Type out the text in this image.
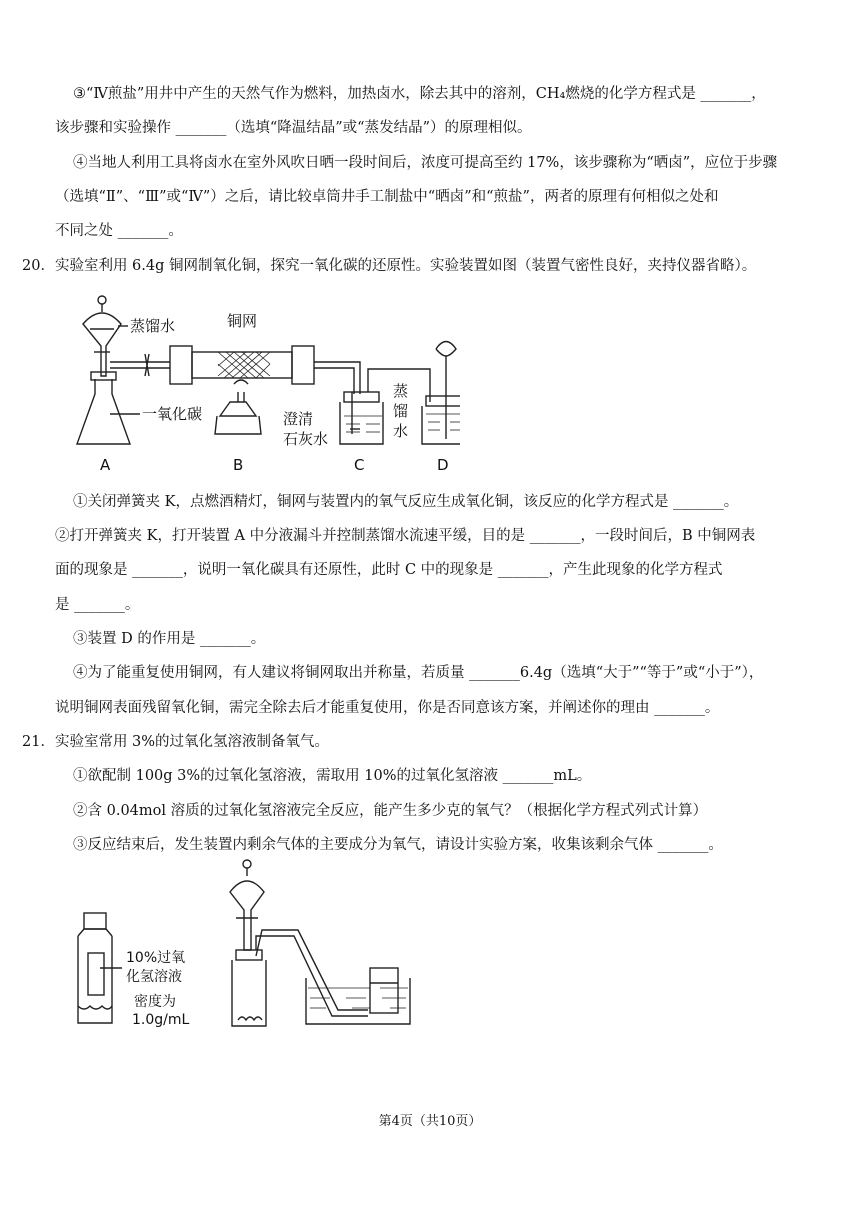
③“Ⅳ煎盐”用井中产生的天然气作为燃料，加热卤水，除去其中的溶剂，CH₄燃烧的化学方程式是 _______，
该步骤和实验操作 _______（选填“降温结晶”或“蒸发结晶”）的原理相似。
④当地人利用工具将卤水在室外风吹日晒一段时间后，浓度可提高至约 17%，该步骤称为“晒卤”，应位于步骤
（选填“Ⅱ”、“Ⅲ”或“Ⅳ”）之后，请比较卓筒井手工制盐中“晒卤”和“煎盐”，两者的原理有何相似之处和
不同之处 _______。
20．实验室利用 6.4g 铜网制氧化铜，探究一氧化碳的还原性。实验装置如图（装置气密性良好，夹持仪器省略）。
蒸馏水	铜网
一氧化碳	澄清
石灰水
蒸
馏
水
A	B	C	D
①关闭弹簧夹 K，点燃酒精灯，铜网与装置内的氧气反应生成氧化铜，该反应的化学方程式是 _______。
②打开弹簧夹 K，打开装置 A 中分液漏斗并控制蒸馏水流速平缓，目的是 _______，一段时间后，B 中铜网表
面的现象是 _______，说明一氧化碳具有还原性，此时 C 中的现象是 _______，产生此现象的化学方程式
是 _______。
③装置 D 的作用是 _______。
④为了能重复使用铜网，有人建议将铜网取出并称量，若质量 _______6.4g（选填“大于”“等于”或“小于”），
说明铜网表面残留氧化铜，需完全除去后才能重复使用，你是否同意该方案，并阐述你的理由 _______。
21．实验室常用 3%的过氧化氢溶液制备氧气。
①欲配制 100g 3%的过氧化氢溶液，需取用 10%的过氧化氢溶液 _______mL。
②含 0.04mol 溶质的过氧化氢溶液完全反应，能产生多少克的氧气？（根据化学方程式列式计算）
③反应结束后，发生装置内剩余气体的主要成分为氧气，请设计实验方案，收集该剩余气体 _______。
10%过氧
化氢溶液
密度为
1.0g/mL
第4页（共10页）
